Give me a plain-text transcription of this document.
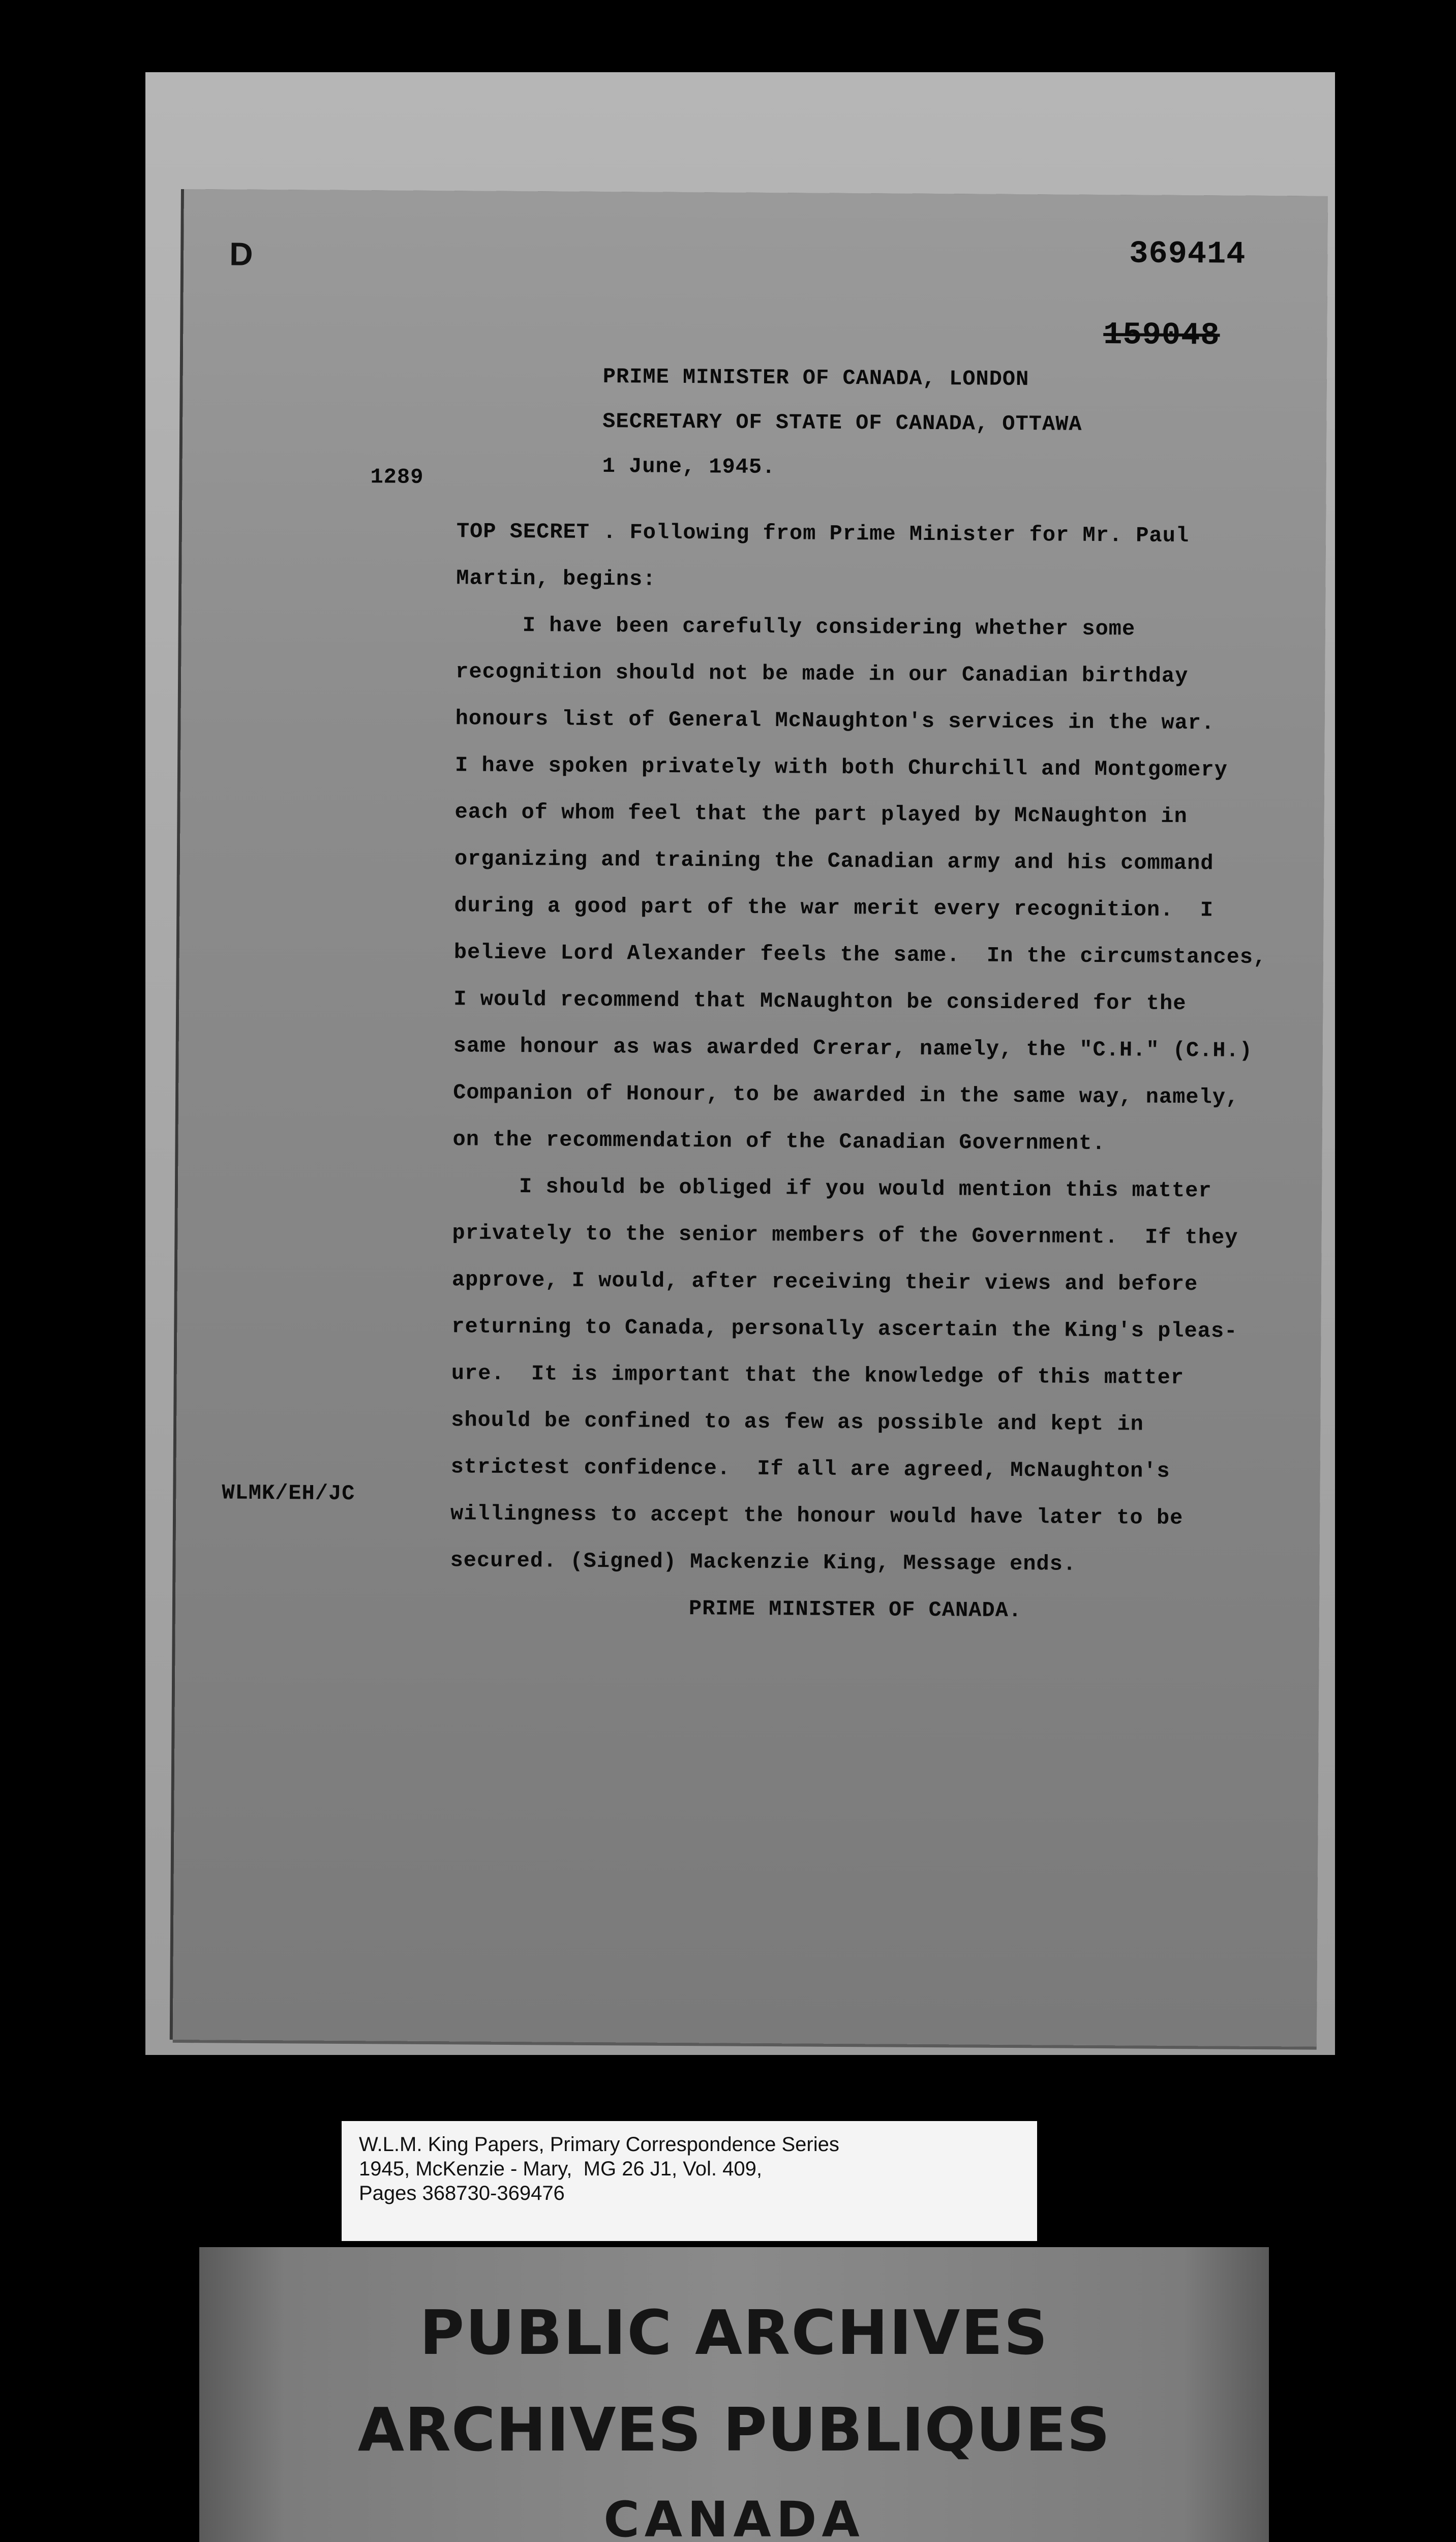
D	369414
159048
PRIME MINISTER OF CANADA, LONDON
SECRETARY OF STATE OF CANADA, OTTAWA
1 June, 1945.
1289
TOP SECRET . Following from Prime Minister for Mr. Paul
Martin, begins:
I have been carefully considering whether some
recognition should not be made in our Canadian birthday
honours list of General McNaughton's services in the war.
I have spoken privately with both Churchill and Montgomery
each of whom feel that the part played by McNaughton in
organizing and training the Canadian army and his command
during a good part of the war merit every recognition.  I
believe Lord Alexander feels the same.  In the circumstances,
I would recommend that McNaughton be considered for the
same honour as was awarded Crerar, namely, the "C.H." (C.H.)
Companion of Honour, to be awarded in the same way, namely,
on the recommendation of the Canadian Government.
I should be obliged if you would mention this matter
privately to the senior members of the Government.  If they
approve, I would, after receiving their views and before
returning to Canada, personally ascertain the King's pleas-
ure.  It is important that the knowledge of this matter
should be confined to as few as possible and kept in
strictest confidence.  If all are agreed, McNaughton's
willingness to accept the honour would have later to be
secured. (Signed) Mackenzie King, Message ends.
WLMK/EH/JC
PRIME MINISTER OF CANADA.
W.L.M. King Papers, Primary Correspondence Series
1945, McKenzie - Mary,  MG 26 J1, Vol. 409,
Pages 368730-369476
PUBLIC ARCHIVES
ARCHIVES PUBLIQUES
CANADA
